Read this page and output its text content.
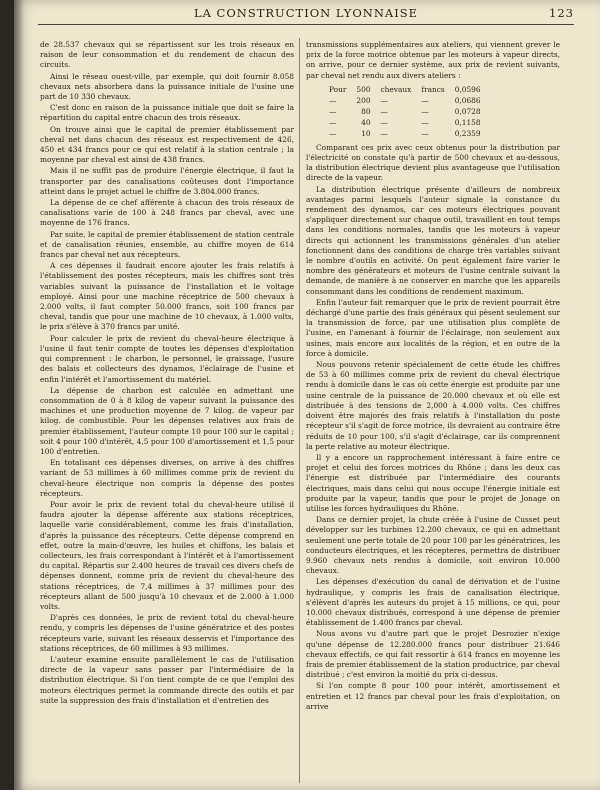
LA CONSTRUCTION LYONNAISE	123

de 28.537 chevaux qui se répartissent sur les trois réseaux en raison de leur consommation et du rendement de chacun des circuits.

Ainsi le réseau ouest-ville, par exemple, qui doit fournir 8.058 chevaux nets absorbera dans la puissance initiale de l'usine une part de 10 330 chevaux.

C'est donc en raison de la puissance initiale que doit se faire la répartition du capital entre chacun des trois réseaux.

On trouve ainsi que le capital de premier établissement par cheval net dans chacun des réseaux est respectivement de 426, 450 et 434 francs pour ce qui est relatif à la station centrale ; la moyenne par cheval est ainsi de 438 francs.

Mais il ne suffit pas de produire l'énergie électrique, il faut la transporter par des canalisations coûteuses dont l'importance atteint dans le projet actuel le chiffre de 3.804.000 francs.

La dépense de ce chef afférente à chacun des trois réseaux de canalisations varie de 100 à 248 francs par cheval, avec une moyenne de 176 francs.

Par suite, le capital de premier établissement de station centrale et de canalisation réunies, ensemble, au chiffre moyen de 614 francs par cheval net aux récepteurs.

A ces dépenses il faudrait encore ajouter les frais relatifs à l'établissement des postes récepteurs, mais les chiffres sont très variables suivant la puissance de l'installation et le voltage employé. Ainsi pour une machine réceptrice de 500 chevaux à 2.000 volts, il faut compter 50.000 francs, soit 100 francs par cheval, tandis que pour une machine de 10 chevaux, à 1.000 volts, le prix s'élève à 370 francs par unité.

Pour calculer le prix de revient du cheval-heure électrique à l'usine il faut tenir compte de toutes les dépenses d'exploitation qui comprennent : le charbon, le personnel, le graissage, l'usure des balais et collecteurs des dynamos, l'éclairage de l'usine et enfin l'intérêt et l'amortissement du matériel.

La dépense de charbon est calculée en admettant une consommation de 0 à 8 kilog de vapeur suivant la puissance des machines et une production moyenne de 7 kilog. de vapeur par kilog. de combustible. Pour les dépenses relatives aux frais de premier établissement, l'auteur compte 10 pour 100 sur le capital ; soit 4 pour 100 d'intérêt, 4,5 pour 100 d'amortissement et 1,5 pour 100 d'entretien.

En totalisant ces dépenses diverses, on arrive à des chiffres variant de 53 millimes à 60 millimes comme prix de revient du cheval-heure électrique non compris la dépense des postes récepteurs.

Pour avoir le prix de revient total du cheval-heure utilisé il faudra ajouter la dépense afférente aux stations réceptrices, laquelle varie considérablement, comme les frais d'installation, d'après la puissance des récepteurs. Cette dépense comprend en effet, outre la main-d'œuvre, les huiles et chiffons, les balais et collecteurs, les frais correspondant à l'intérêt et à l'amortissement du capital. Répartis sur 2.400 heures de travail ces divers chefs de dépenses donnent, comme prix de revient du cheval-heure des stations réceptrices, de 7,4 millimes à 37 millimes pour des récepteurs allant de 500 jusqu'à 10 chevaux et de 2.000 à 1.000 volts.

D'après ces données, le prix de revient total du cheval-heure rendu, y compris les dépenses de l'usine génératrice et des postes récepteurs varie, suivant les réseaux desservis et l'importance des stations réceptrices, de 60 millimes à 93 millimes.

L'auteur examine ensuite parallèlement le cas de l'utilisation directe de la vapeur sans passer par l'intermédiaire de la distribution électrique. Si l'on tient compte de ce que l'emploi des moteurs électriques permet la commande directe des outils et par suite la suppression des frais d'installation et d'entretien des

transmissions supplémentaires aux ateliers, qui viennent grever le prix de la force motrice obtenue par les moteurs à vapeur directs, on arrive, pour ce dernier système, aux prix de revient suivants, par cheval net rendu aux divers ateliers :

Pour	500	chevaux	francs	0,0596
—	200	—	—	0,0686
—	80	—	—	0,0728
—	40	—	—	0,1158
—	10	—	—	0,2359

Comparant ces prix avec ceux obtenus pour la distribution par l'électricité on constate qu'à partir de 500 chevaux et au-dessous, la distribution électrique devient plus avantageuse que l'utilisation directe de la vapeur.

La distribution électrique présente d'ailleurs de nombreux avantages parmi lesquels l'auteur signale la constance du rendement des dynamos, car ces moteurs électriques pouvant s'appliquer directement sur chaque outil, travaillent en tout temps dans les conditions normales, tandis que les moteurs à vapeur directs qui actionnent les transmissions générales d'un atelier fonctionnent dans des conditions de charge très variables suivant le nombre d'outils en activité. On peut également faire varier le nombre des générateurs et moteurs de l'usine centrale suivant la demande, de manière à ne conserver en marche que les appareils consommant dans les conditions de rendement maximum.

Enfin l'auteur fait remarquer que le prix de revient pourrait être déchargé d'une partie des frais généraux qui pèsent seulement sur la transmission de force, par une utilisation plus complète de l'usine, en l'amenant à fournir de l'éclairage, non seulement aux usines, mais encore aux localités de la région, et en outre de la force à domicile.

Nous pouvons retenir spécialement de cette étude les chiffres de 53 à 60 millimes comme prix de revient du cheval électrique rendu à domicile dans le cas où cette énergie est produite par une usine centrale de la puissance de 20.000 chevaux et où elle est distribuée à des tensions de 2,000 à 4.000 volts. Ces chiffres doivent être majorés des frais relatifs à l'installation du poste récepteur s'il s'agit de force motrice, ils devraient au contraire être réduits de 10 pour 100, s'il s'agit d'éclairage, car ils comprennent la perte relative au moteur électrique.

Il y a encore un rapprochement intéressant à faire entre ce projet et celui des forces motrices du Rhône ; dans les deux cas l'énergie est distribuée par l'intermédiaire des courants électriques, mais dans celui qui nous occupe l'énergie initiale est produite par la vapeur, tandis que pour le projet de Jonage on utilise les forces hydrauliques du Rhône.

Dans ce dernier projet, la chute créée à l'usine de Cusset peut développer sur les turbines 12.200 chevaux, ce qui en admettant seulement une perte totale de 20 pour 100 par les génératrices, les conducteurs électriques, et les récepteres, permettra de distribuer 9.960 chevaux nets rendus à domicile, soit environ 10.000 chevaux.

Les dépenses d'exécution du canal de dérivation et de l'usine hydraulique, y compris les frais de canalisation électrique, s'élèvent d'après les auteurs du projet à 15 millions, ce qui, pour 10.000 chevaux distribués, correspond à une dépense de premier établissement de 1.400 francs par cheval.

Nous avons vu d'autre part que le projet Desrozier n'exige qu'une dépense de 12.280.000 francs pour distribuer 21.646 chevaux effectifs, ce qui fait ressortir à 614 francs en moyenne les frais de premier établissement de la station productrice, par cheval distribué ; c'est environ la moitié du prix ci-dessus.

Si l'on compte 8 pour 100 pour intérêt, amortissement et entretien et 12 francs par cheval pour les frais d'exploitation, on arrive
